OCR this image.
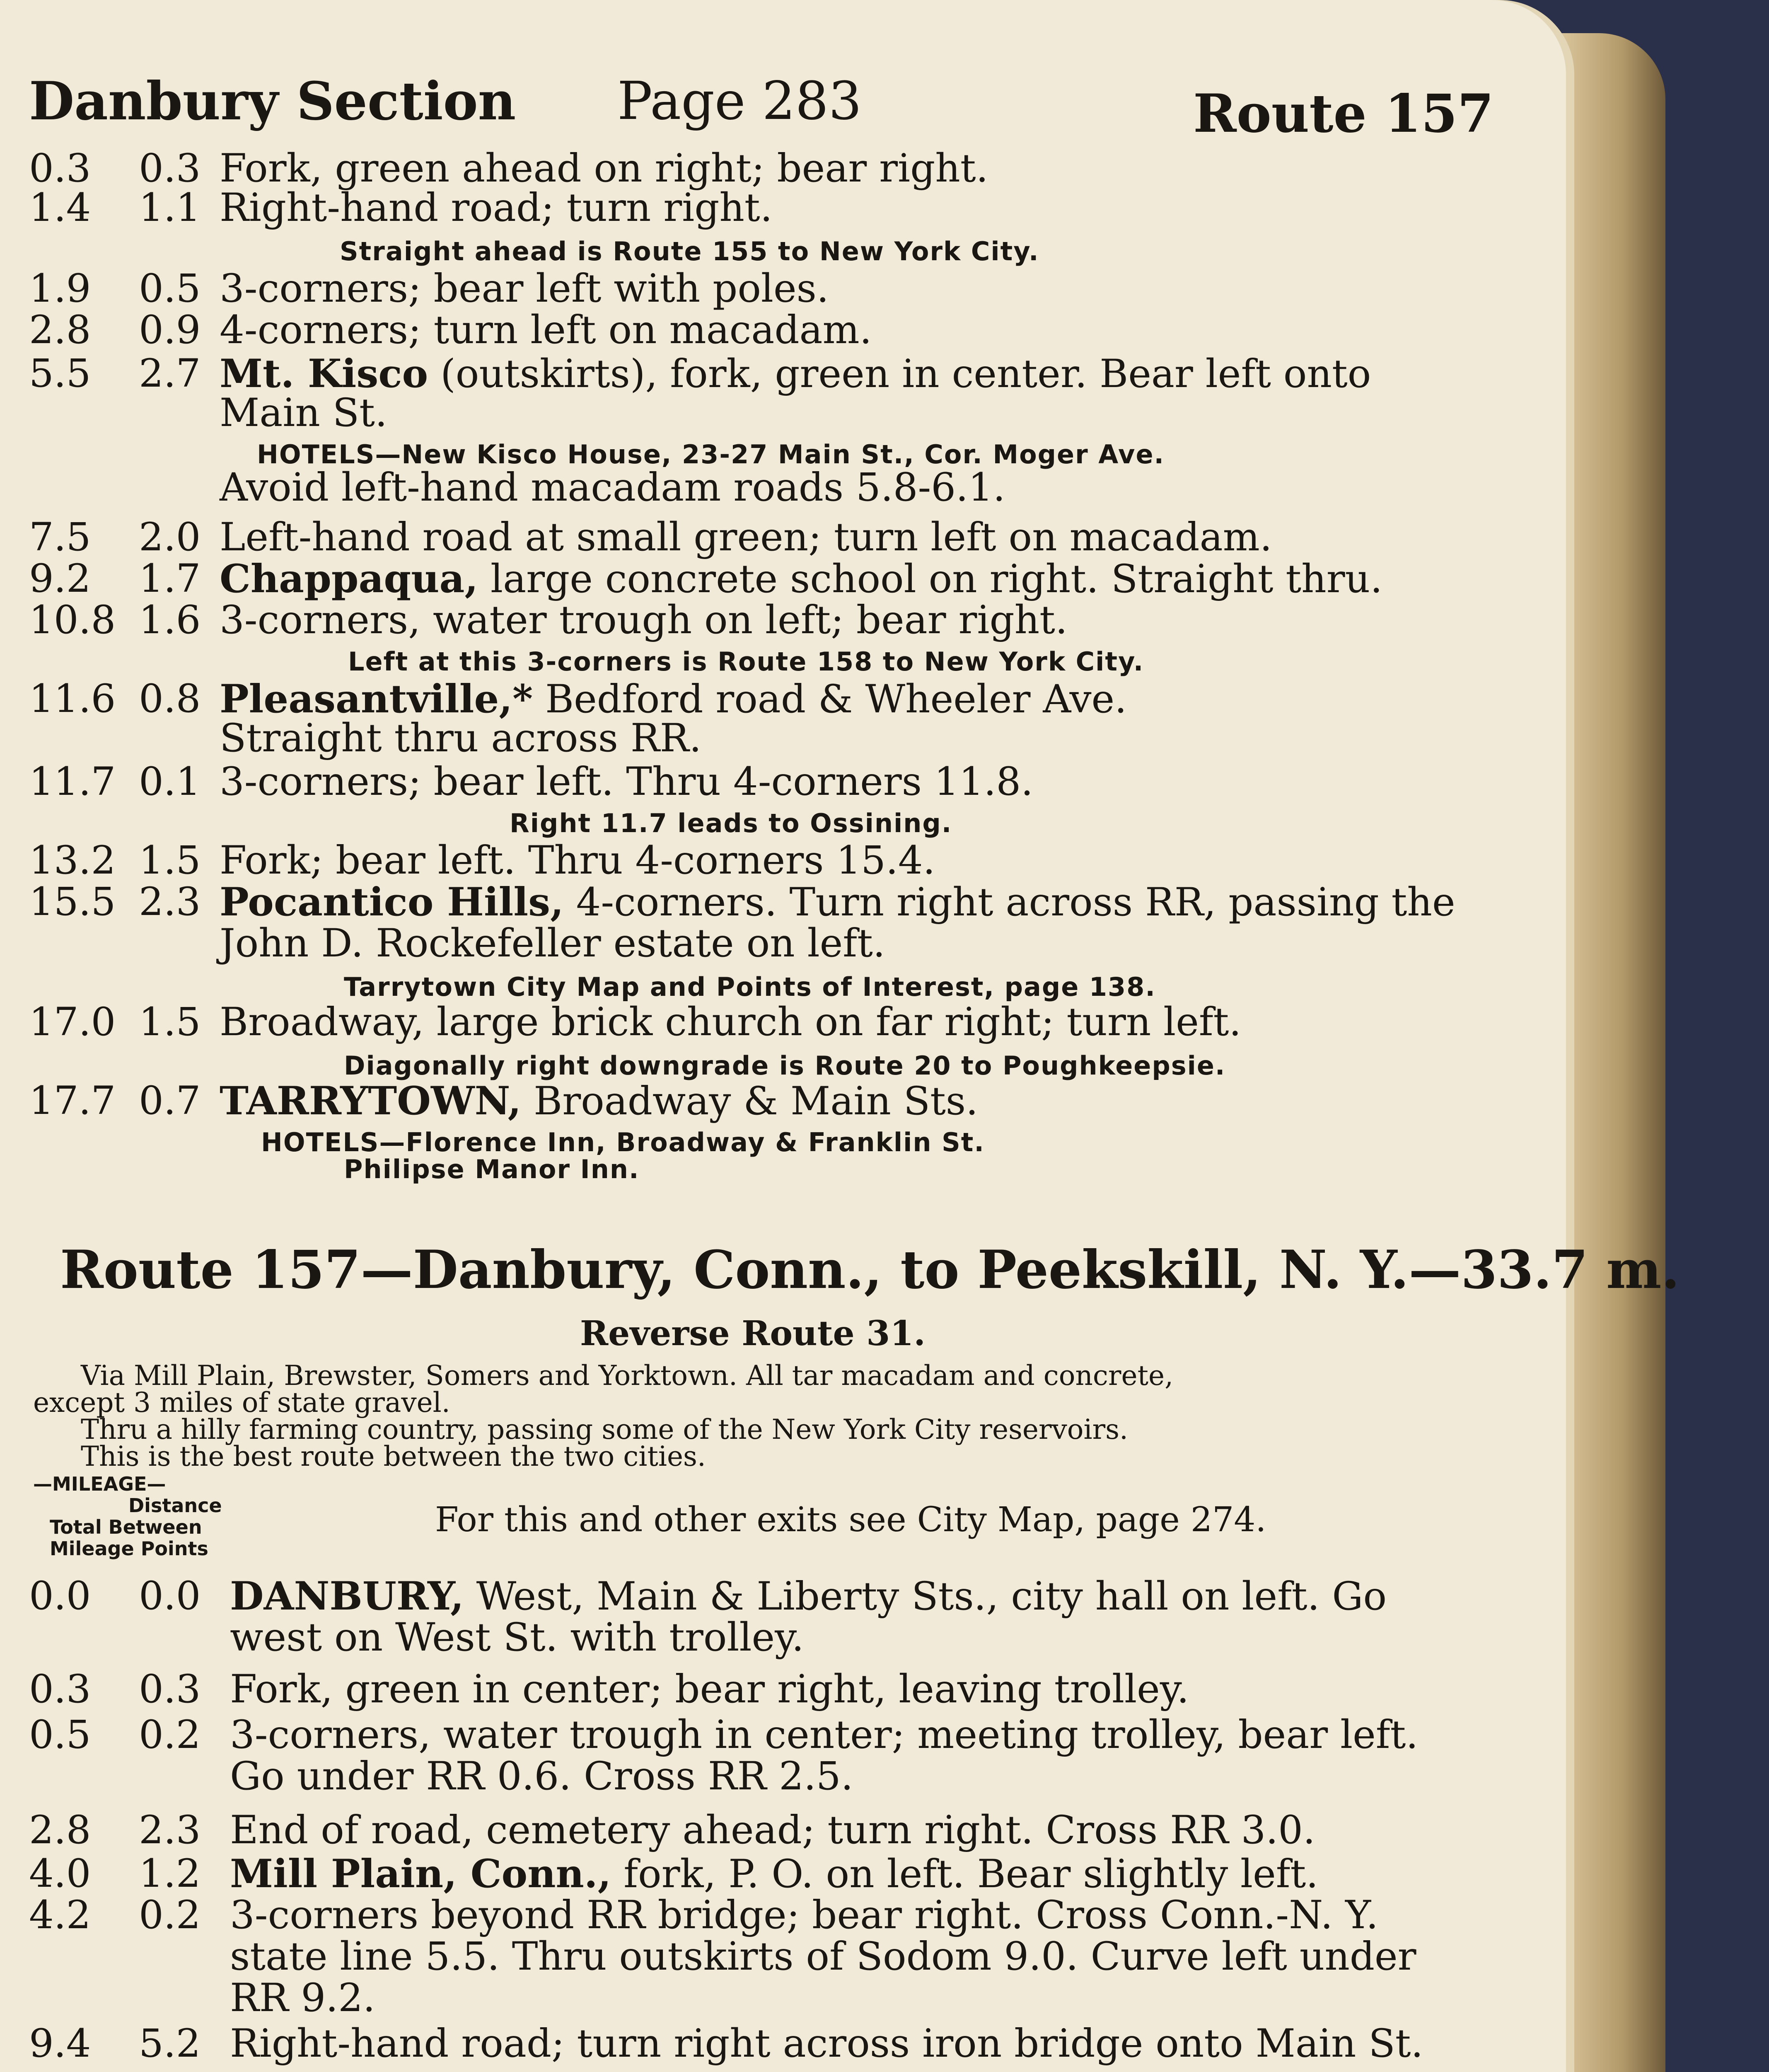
Danbury Section Page 283	Route 157
0.3	0.3 Fork, green ahead on right; bear right.
1.4	1.1 Right-hand road; turn right.
Straight ahead is Route 155 to New York City.
1.9	0.5 3-corners; bear left with poles.
2.8	0.9 4-corners; turn left on macadam.
5.5	2.7 Mt. Kisco (outskirts), fork, green in center. Bear left onto
Main St.
HOTELS—New Kisco House, 23-27 Main St., Cor. Moger Ave.
Avoid left-hand macadam roads 5.8-6.1.
7.5	2.0 Left-hand road at small green; turn left on macadam.
9.2	1.7 Chappaqua, large concrete school on right. Straight thru.
10.8 1.6 3-corners, water trough on left; bear right.
Left at this 3-corners is Route 158 to New York City.
11.6 0.8 Pleasantville,* Bedford road & Wheeler Ave.
Straight thru across RR.
11.7 0.1 3-corners; bear left. Thru 4-corners 11.8.
Right 11.7 leads to Ossining.
13.2 1.5 Fork; bear left. Thru 4-corners 15.4.
15.5 2.3 Pocantico Hills, 4-corners. Turn right across RR, passing the
John D. Rockefeller estate on left.
Tarrytown City Map and Points of Interest, page 138.
17.0 1.5 Broadway, large brick church on far right; turn left.
Diagonally right downgrade is Route 20 to Poughkeepsie.
17.7 0.7 TARRYTOWN, Broadway & Main Sts.
HOTELS—Florence Inn, Broadway & Franklin St.
Philipse Manor Inn.
Route 157—Danbury, Conn., to Peekskill, N. Y.—33.7 m.
Reverse Route 31.
Via Mill Plain, Brewster, Somers and Yorktown. All tar macadam and concrete,
except 3 miles of state gravel.
Thru a hilly farming country, passing some of the New York City reservoirs.
This is the best route between the two cities.
—MILEAGE—
Distance
Total Between
Mileage Points
For this and other exits see City Map, page 274.
0.0	0.0 DANBURY, West, Main & Liberty Sts., city hall on left. Go
west on West St. with trolley.
0.3	0.3 Fork, green in center; bear right, leaving trolley.
0.5	0.2 3-corners, water trough in center; meeting trolley, bear left.
Go under RR 0.6. Cross RR 2.5.
2.8	2.3 End of road, cemetery ahead; turn right. Cross RR 3.0.
4.0	1.2 Mill Plain, Conn., fork, P. O. on left. Bear slightly left.
4.2	0.2 3-corners beyond RR bridge; bear right. Cross Conn.-N. Y.
state line 5.5. Thru outskirts of Sodom 9.0. Curve left under
RR 9.2.
9.4	5.2 Right-hand road; turn right across iron bridge onto Main St.
